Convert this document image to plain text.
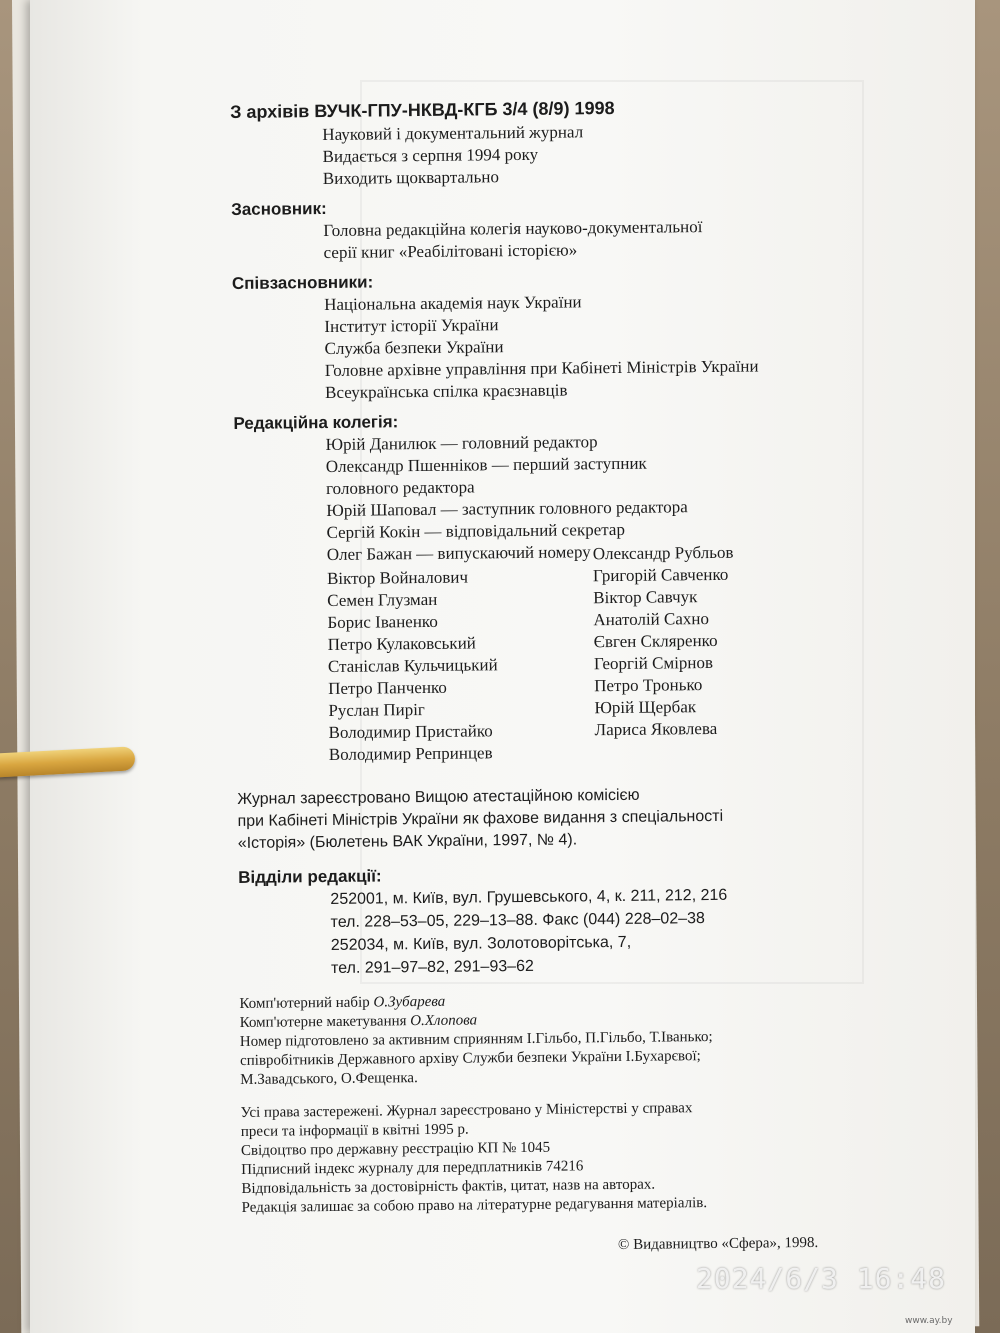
З архівів ВУЧК-ГПУ-НКВД-КГБ 3/4 (8/9) 1998
Науковий і документальний журнал
Видається з серпня 1994 року
Виходить щоквартально
Засновник:
Головна редакційна колегія науково-документальної
серії книг «Реабілітовані історією»
Співзасновники:
Національна академія наук України
Інститут історії України
Служба безпеки України
Головне архівне управління при Кабінеті Міністрів України
Всеукраїнська спілка краєзнавців
Редакційна колегія:
Юрій Данилюк — головний редактор
Олександр Пшенніков — перший заступник
головного редактора
Юрій Шаповал — заступник головного редактора
Сергій Кокін — відповідальний секретар
Олег Бажан — випускаючий номеру
Віктор Войналович
Семен Глузман
Борис Іваненко
Петро Кулаковський
Станіслав Кульчицький
Петро Панченко
Руслан Пиріг
Володимир Пристайко
Володимир Репринцев
Олександр Рубльов
Григорій Савченко
Віктор Савчук
Анатолій Сахно
Євген Скляренко
Георгій Смірнов
Петро Тронько
Юрій Щербак
Лариса Яковлева
Журнал зареєстровано Вищою атестаційною комісією
при Кабінеті Міністрів України як фахове видання з спеціальності
«Історія» (Бюлетень ВАК України, 1997, № 4).
Відділи редакції:
252001, м. Київ, вул. Грушевського, 4, к. 211, 212, 216
тел. 228–53–05, 229–13–88. Факс (044) 228–02–38
252034, м. Київ, вул. Золотоворітська, 7,
тел. 291–97–82, 291–93–62
Комп'ютерний набір О.Зубарева
Комп'ютерне макетування О.Хлопова
Номер підготовлено за активним сприянням І.Гільбо, П.Гільбо, Т.Іванько;
співробітників Державного архіву Служби безпеки України І.Бухарєвої;
М.Завадського, О.Фещенка.
Усі права застережені. Журнал зареєстровано у Міністерстві у справах
преси та інформації в квітні 1995 р.
Свідоцтво про державну реєстрацію КП № 1045
Підписний індекс журналу для передплатників 74216
Відповідальність за достовірність фактів, цитат, назв на авторах.
Редакція залишає за собою право на літературне редагування матеріалів.
© Видавництво «Сфера», 1998.
2024/6/3 16:48
www.ay.by
